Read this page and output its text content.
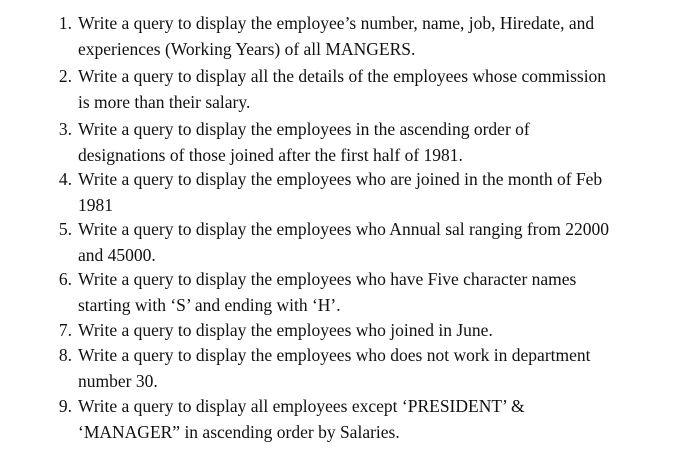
1. Write a query to display the employee’s number, name, job, Hiredate, and
experiences (Working Years) of all MANGERS.
2. Write a query to display all the details of the employees whose commission
is more than their salary.
3. Write a query to display the employees in the ascending order of
designations of those joined after the first half of 1981.
4. Write a query to display the employees who are joined in the month of Feb
1981
5. Write a query to display the employees who Annual sal ranging from 22000
and 45000.
6. Write a query to display the employees who have Five character names
starting with ‘S’ and ending with ‘H’.
7. Write a query to display the employees who joined in June.
8. Write a query to display the employees who does not work in department
number 30.
9. Write a query to display all employees except ‘PRESIDENT’ &
‘MANAGER” in ascending order by Salaries.
